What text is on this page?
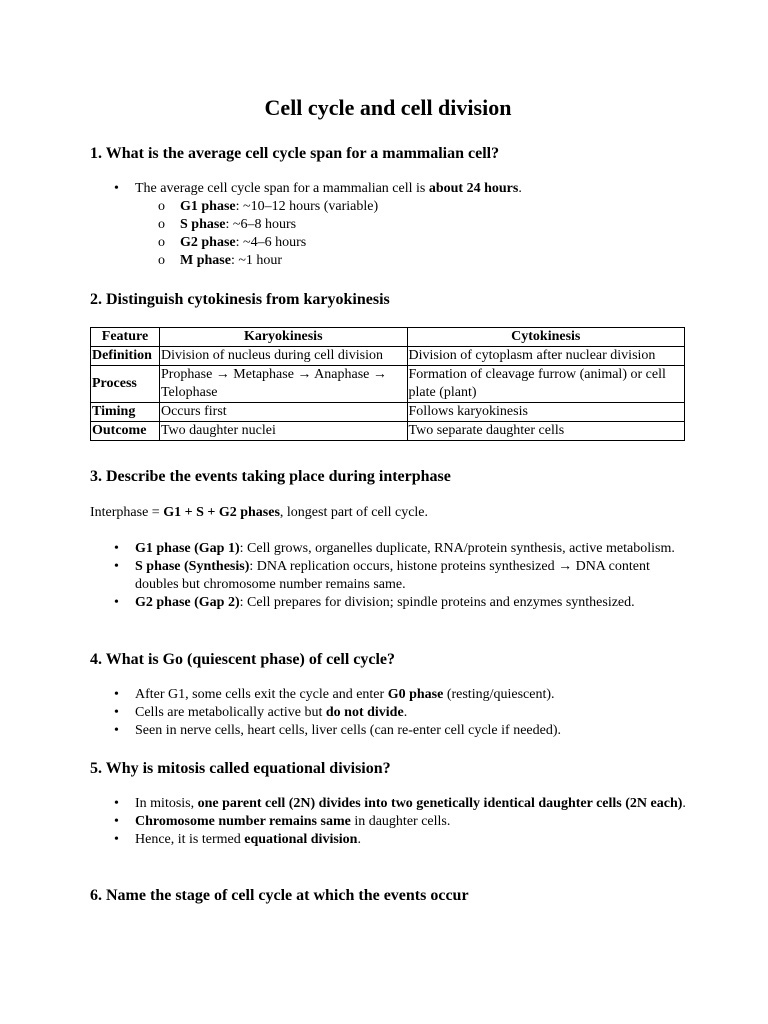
Cell cycle and cell division
1. What is the average cell cycle span for a mammalian cell?
• The average cell cycle span for a mammalian cell is about 24 hours.
o G1 phase: ~10–12 hours (variable)
o S phase: ~6–8 hours
o G2 phase: ~4–6 hours
o M phase: ~1 hour
2. Distinguish cytokinesis from karyokinesis
Feature	Karyokinesis	Cytokinesis
Definition	Division of nucleus during cell division	Division of cytoplasm after nuclear division
Process	Prophase → Metaphase → Anaphase → Telophase	Formation of cleavage furrow (animal) or cell plate (plant)
Timing	Occurs first	Follows karyokinesis
Outcome	Two daughter nuclei	Two separate daughter cells
3. Describe the events taking place during interphase

Interphase = G1 + S + G2 phases, longest part of cell cycle.

• G1 phase (Gap 1): Cell grows, organelles duplicate, RNA/protein synthesis, active metabolism.
• S phase (Synthesis): DNA replication occurs, histone proteins synthesized → DNA content doubles but chromosome number remains same.
• G2 phase (Gap 2): Cell prepares for division; spindle proteins and enzymes synthesized.
4. What is Go (quiescent phase) of cell cycle?
• After G1, some cells exit the cycle and enter G0 phase (resting/quiescent).
• Cells are metabolically active but do not divide.
• Seen in nerve cells, heart cells, liver cells (can re-enter cell cycle if needed).
5. Why is mitosis called equational division?
• In mitosis, one parent cell (2N) divides into two genetically identical daughter cells (2N each).
• Chromosome number remains same in daughter cells.
• Hence, it is termed equational division.
6. Name the stage of cell cycle at which the events occur
